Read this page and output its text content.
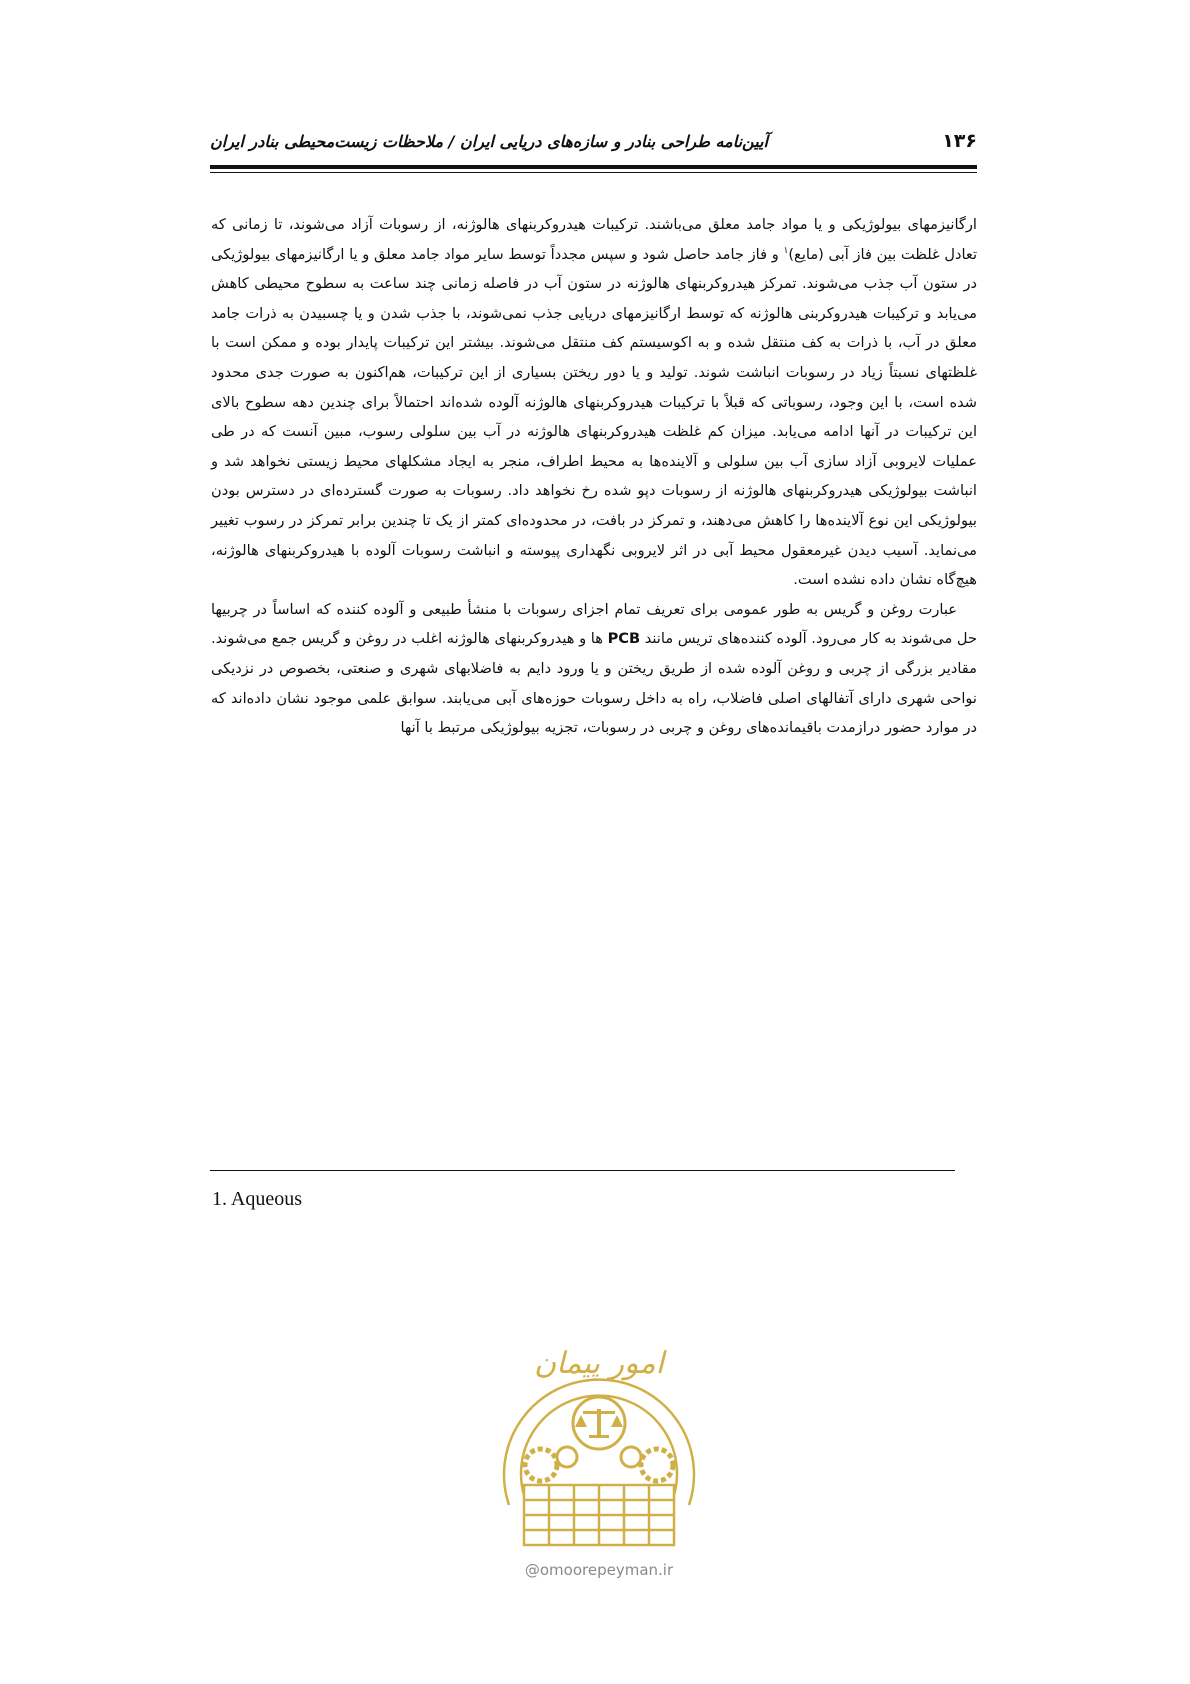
۱۳۶
آیین‌نامه طراحی بنادر و سازه‌های دریایی ایران / ملاحظات زیست‌محیطی بنادر ایران

ارگانیزمهای بیولوژیکی و یا مواد جامد معلق می‌باشند. ترکیبات هیدروکربنهای هالوژنه، از رسوبات آزاد می‌شوند، تا زمانی که تعادل غلظت بین فاز آبی (مایع)$^۱$ و فاز جامد حاصل شود و سپس مجدداً توسط سایر مواد جامد معلق و یا ارگانیزمهای بیولوژیکی در ستون آب جذب می‌شوند. تمرکز هیدروکربنهای هالوژنه در ستون آب در فاصله زمانی چند ساعت به سطوح محیطی کاهش می‌یابد و ترکیبات هیدروکربنی هالوژنه که توسط ارگانیزمهای دریایی جذب نمی‌شوند، با جذب شدن و یا چسبیدن به ذرات جامد معلق در آب، با ذرات به کف منتقل شده و به اکوسیستم کف منتقل می‌شوند. بیشتر این ترکیبات پایدار بوده و ممکن است با غلظتهای نسبتاً زیاد در رسوبات انباشت شوند. تولید و یا دور ریختن بسیاری از این ترکیبات، هم‌اکنون به صورت جدی محدود شده است، با این وجود، رسوباتی که قبلاً با ترکیبات هیدروکربنهای هالوژنه آلوده شده‌اند احتمالاً برای چندین دهه سطوح بالای این ترکیبات در آنها ادامه می‌یابد. میزان کم غلظت هیدروکربنهای هالوژنه در آب بین سلولی رسوب، مبین آنست که در طی عملیات لایروبی آزاد سازی آب بین سلولی و آلاینده‌ها به محیط اطراف، منجر به ایجاد مشکلهای محیط زیستی نخواهد شد و انباشت بیولوژیکی هیدروکربنهای هالوژنه از رسوبات دپو شده رخ نخواهد داد. رسوبات به صورت گسترده‌ای در دسترس بودن بیولوژیکی این نوع آلاینده‌ها را کاهش می‌دهند، و تمرکز در بافت، در محدوده‌ای کمتر از یک تا چندین برابر تمرکز در رسوب تغییر می‌نماید. آسیب دیدن غیرمعقول محیط آبی در اثر لایروبی نگهداری پیوسته و انباشت رسوبات آلوده با هیدروکربنهای هالوژنه، هیچ‌گاه نشان داده نشده است.

عبارت روغن و گریس به طور عمومی برای تعریف تمام اجزای رسوبات با منشأ طبیعی و آلوده کننده که اساساً در چربیها حل می‌شوند به کار می‌رود. آلوده کننده‌های تریس مانند PCB ها و هیدروکربنهای هالوژنه اغلب در روغن و گریس جمع می‌شوند. مقادیر بزرگی از چربی و روغن آلوده شده از طریق ریختن و یا ورود دایم به فاضلابهای شهری و صنعتی، بخصوص در نزدیکی نواحی شهری دارای آتفالهای اصلی فاضلاب، راه به داخل رسوبات حوزه‌های آبی می‌یابند. سوابق علمی موجود نشان داده‌اند که در موارد حضور درازمدت باقیمانده‌های روغن و چربی در رسوبات، تجزیه بیولوژیکی مرتبط با آنها

1. Aqueous
امور پیمان
@omoorepeyman.ir
